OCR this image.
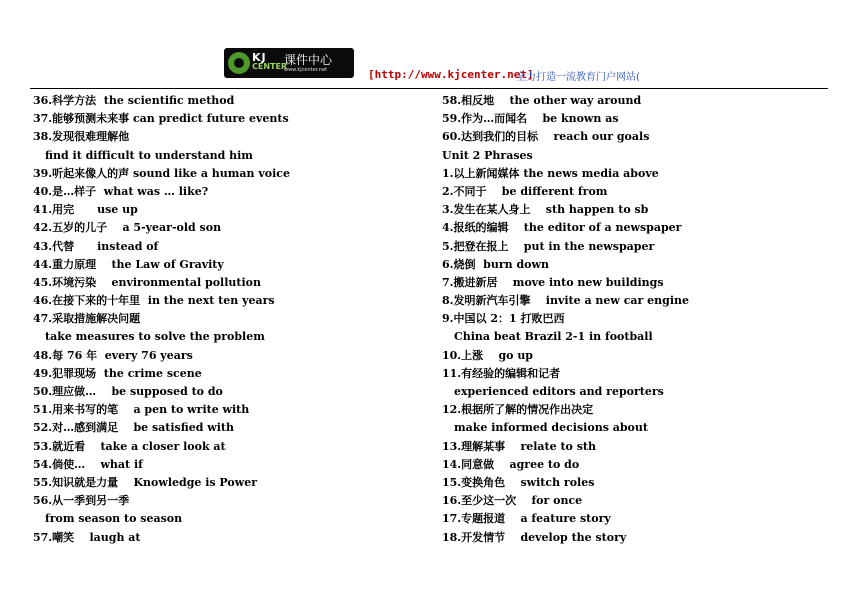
KJ
CENTER
课件中心
www.kjcenter.net	[http://www.kjcenter.net]
全力打造一流教育门户网站(
36.科学方法  the scientific method
37.能够预测未来事 can predict future events
38.发现很难理解他
find it difficult to understand him
39.听起来像人的声 sound like a human voice
40.是…样子  what was … like?
41.用完      use up
42.五岁的儿子    a 5-year-old son
43.代替      instead of
44.重力原理    the Law of Gravity
45.环境污染    environmental pollution
46.在接下来的十年里  in the next ten years
47.采取措施解决问题
take measures to solve the problem
48.每 76 年  every 76 years
49.犯罪现场  the crime scene
50.理应做…    be supposed to do
51.用来书写的笔    a pen to write with
52.对…感到满足    be satisfied with
53.就近看    take a closer look at
54.倘使…    what if
55.知识就是力量    Knowledge is Power
56.从一季到另一季
from season to season
57.嘲笑    laugh at
58.相反地    the other way around
59.作为…而闻名    be known as
60.达到我们的目标    reach our goals
Unit 2 Phrases
1.以上新闻媒体 the news media above
2.不同于    be different from
3.发生在某人身上    sth happen to sb
4.报纸的编辑    the editor of a newspaper
5.把登在报上    put in the newspaper
6.烧倒  burn down
7.搬进新居    move into new buildings
8.发明新汽车引擎    invite a new car engine
9.中国以 2：1 打败巴西
China beat Brazil 2-1 in football
10.上涨    go up
11.有经验的编辑和记者
experienced editors and reporters
12.根据所了解的情况作出决定
make informed decisions about
13.理解某事    relate to sth
14.同意做    agree to do
15.变换角色    switch roles
16.至少这一次    for once
17.专题报道    a feature story
18.开发情节    develop the story
